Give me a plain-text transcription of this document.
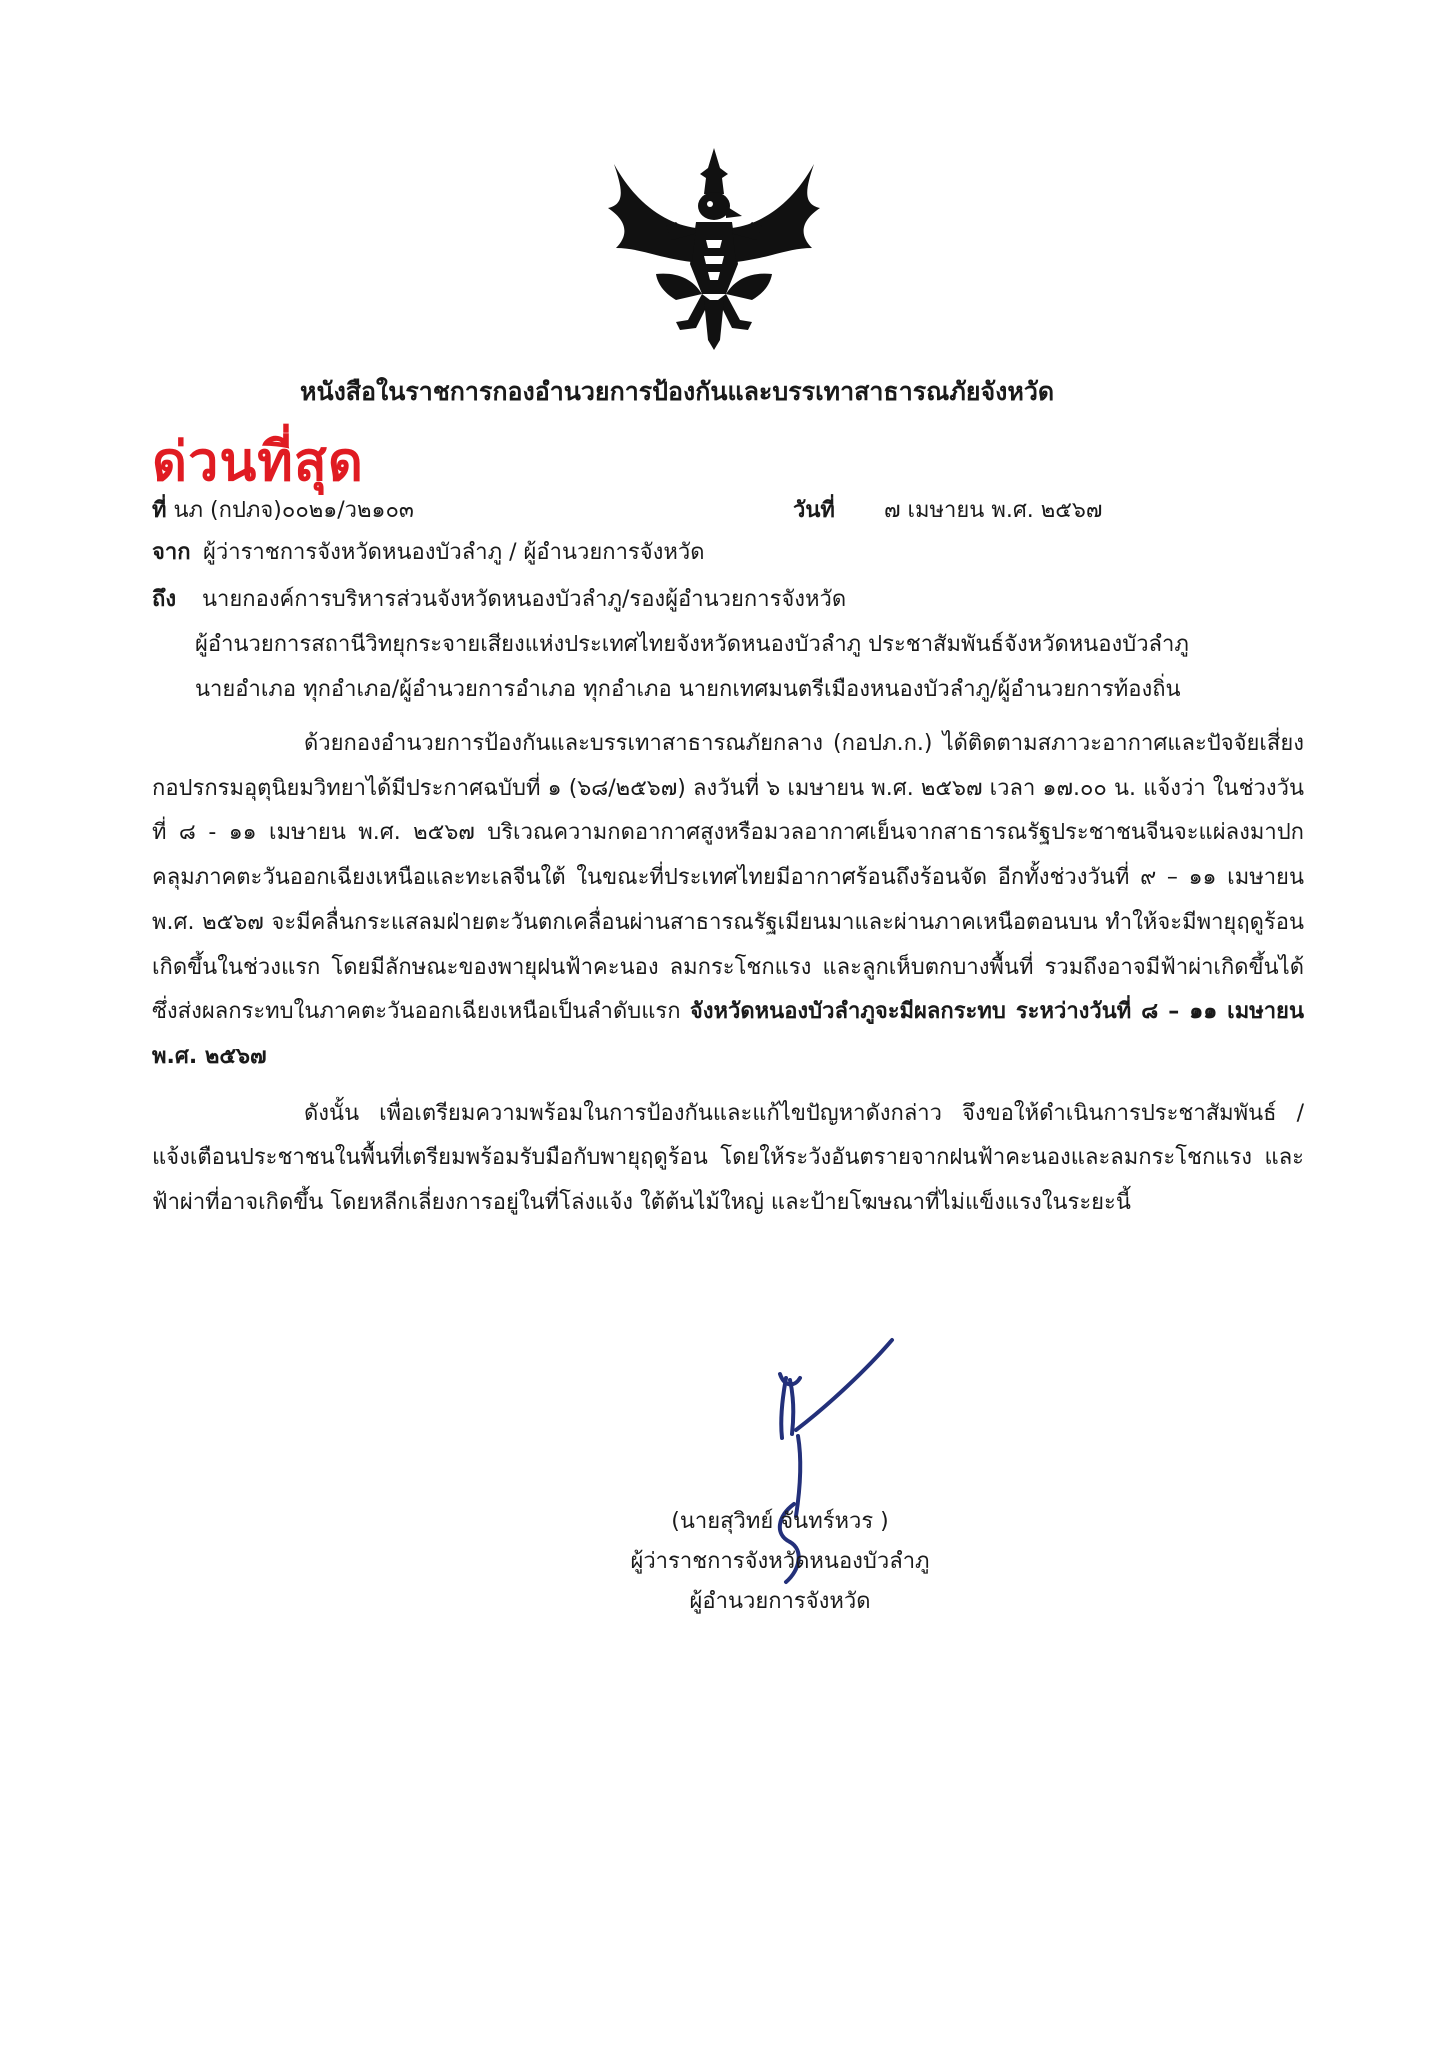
หนังสือในราชการกองอำนวยการป้องกันและบรรเทาสาธารณภัยจังหวัด
ด่วนที่สุด
ที่ นภ (กปภจ)๐๐๒๑/ว๒๑๐๓	วันที่ ๗ เมษายน พ.ศ. ๒๕๖๗
จาก ผู้ว่าราชการจังหวัดหนองบัวลำภู / ผู้อำนวยการจังหวัด
ถึง นายกองค์การบริหารส่วนจังหวัดหนองบัวลำภู/รองผู้อำนวยการจังหวัด
ผู้อำนวยการสถานีวิทยุกระจายเสียงแห่งประเทศไทยจังหวัดหนองบัวลำภู ประชาสัมพันธ์จังหวัดหนองบัวลำภู
นายอำเภอ ทุกอำเภอ/ผู้อำนวยการอำเภอ ทุกอำเภอ นายกเทศมนตรีเมืองหนองบัวลำภู/ผู้อำนวยการท้องถิ่น

ด้วยกองอำนวยการป้องกันและบรรเทาสาธารณภัยกลาง (กอปภ.ก.) ได้ติดตามสภาวะอากาศและปัจจัยเสี่ยง กอปรกรมอุตุนิยมวิทยาได้มีประกาศฉบับที่ ๑ (๖๘/๒๕๖๗) ลงวันที่ ๖ เมษายน พ.ศ. ๒๕๖๗ เวลา ๑๗.๐๐ น. แจ้งว่า ในช่วงวันที่ ๘ - ๑๑ เมษายน พ.ศ. ๒๕๖๗ บริเวณความกดอากาศสูงหรือมวลอากาศเย็นจากสาธารณรัฐประชาชนจีนจะแผ่ลงมาปกคลุมภาคตะวันออกเฉียงเหนือและทะเลจีนใต้ ในขณะที่ประเทศไทยมีอากาศร้อนถึงร้อนจัด อีกทั้งช่วงวันที่ ๙ – ๑๑ เมษายน พ.ศ. ๒๕๖๗ จะมีคลื่นกระแสลมฝ่ายตะวันตกเคลื่อนผ่านสาธารณรัฐเมียนมาและผ่านภาคเหนือตอนบน ทำให้จะมีพายุฤดูร้อนเกิดขึ้นในช่วงแรก โดยมีลักษณะของพายุฝนฟ้าคะนอง ลมกระโชกแรง และลูกเห็บตกบางพื้นที่ รวมถึงอาจมีฟ้าผ่าเกิดขึ้นได้ ซึ่งส่งผลกระทบในภาคตะวันออกเฉียงเหนือเป็นลำดับแรก จังหวัดหนองบัวลำภูจะมีผลกระทบ ระหว่างวันที่ ๘ – ๑๑ เมษายน พ.ศ. ๒๕๖๗

ดังนั้น เพื่อเตรียมความพร้อมในการป้องกันและแก้ไขปัญหาดังกล่าว จึงขอให้ดำเนินการประชาสัมพันธ์ / แจ้งเตือนประชาชนในพื้นที่เตรียมพร้อมรับมือกับพายุฤดูร้อน โดยให้ระวังอันตรายจากฝนฟ้าคะนองและลมกระโชกแรง และฟ้าผ่าที่อาจเกิดขึ้น โดยหลีกเลี่ยงการอยู่ในที่โล่งแจ้ง ใต้ต้นไม้ใหญ่ และป้ายโฆษณาที่ไม่แข็งแรงในระยะนี้

(นายสุวิทย์ จันทร์หวร )
ผู้ว่าราชการจังหวัดหนองบัวลำภู
ผู้อำนวยการจังหวัด
